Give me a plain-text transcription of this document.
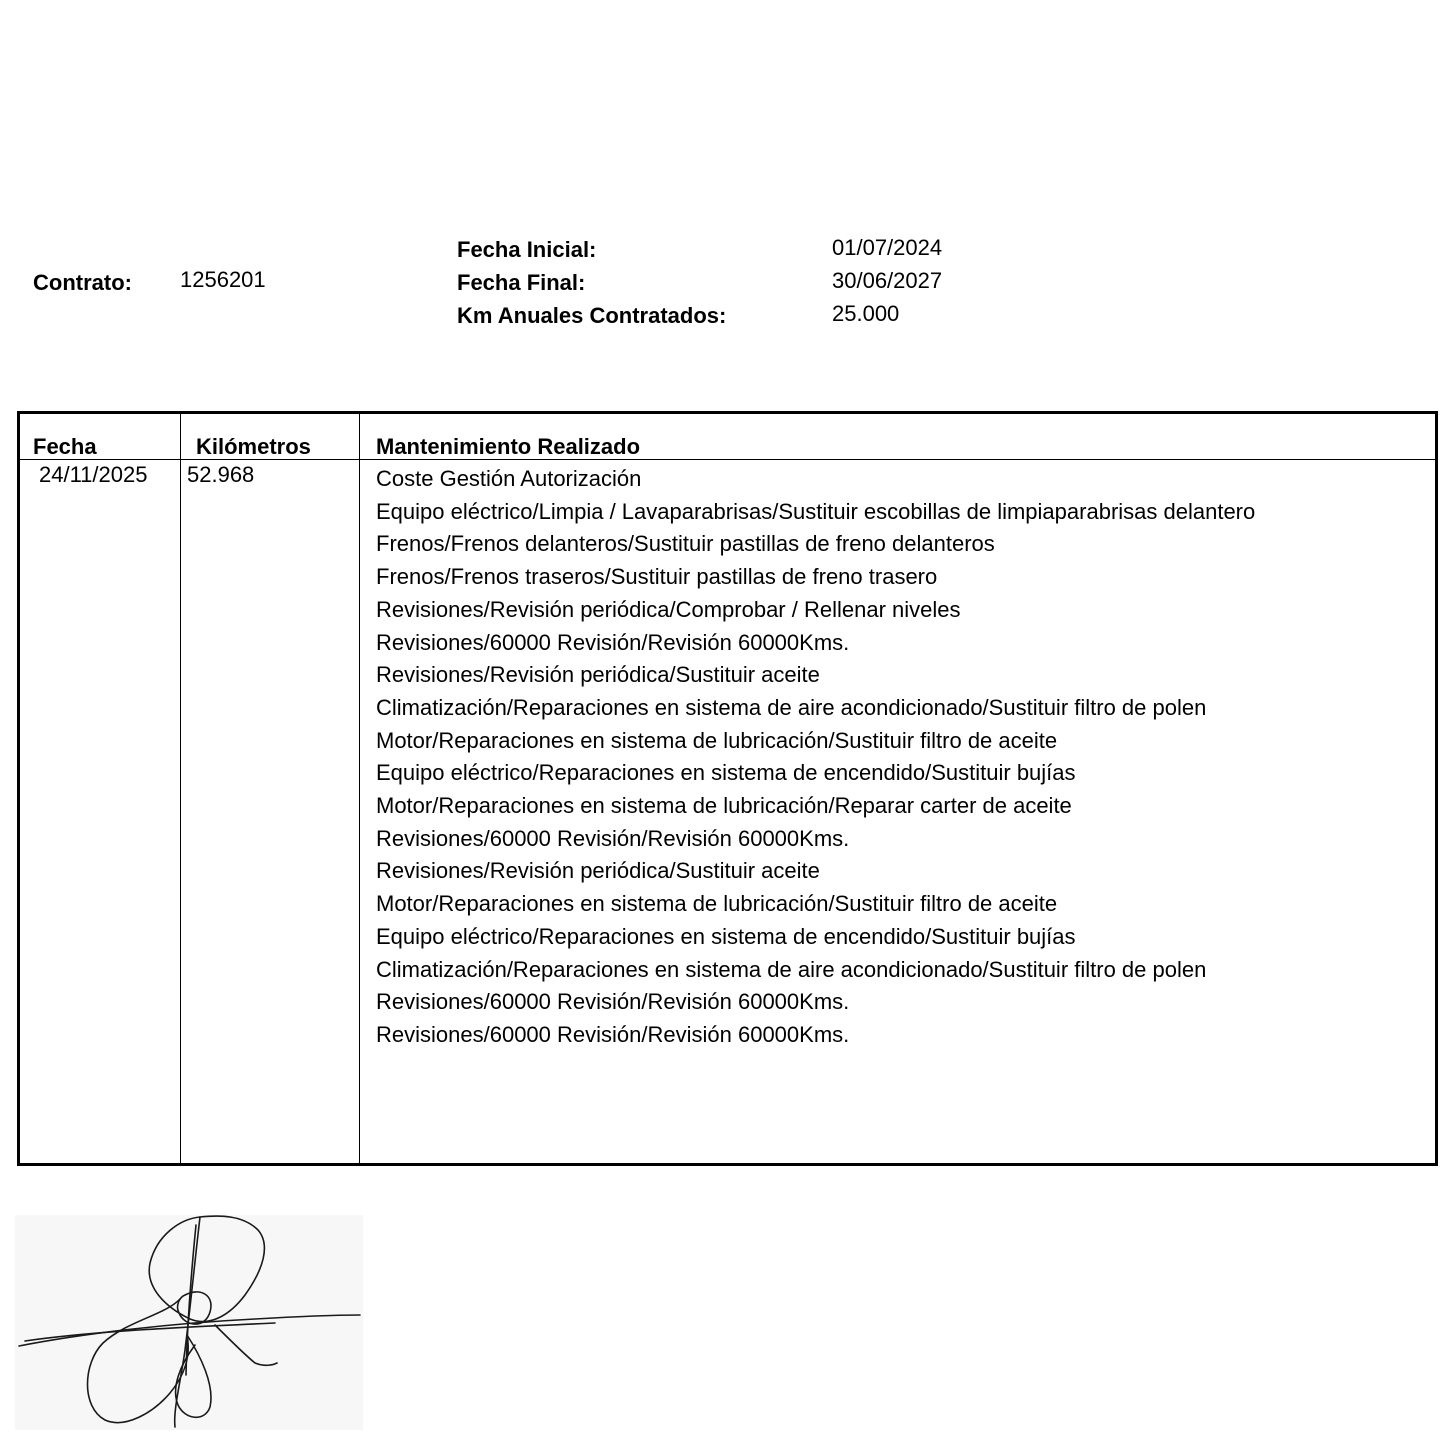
Contrato: 1256201
Fecha Inicial:	01/07/2024
Fecha Final:	30/06/2027
Km Anuales Contratados:	25.000
Fecha	Kilómetros	Mantenimiento Realizado
24/11/2025 52.968	Coste Gestión Autorización
Equipo eléctrico/Limpia / Lavaparabrisas/Sustituir escobillas de limpiaparabrisas delantero
Frenos/Frenos delanteros/Sustituir pastillas de freno delanteros
Frenos/Frenos traseros/Sustituir pastillas de freno trasero
Revisiones/Revisión periódica/Comprobar / Rellenar niveles
Revisiones/60000 Revisión/Revisión 60000Kms.
Revisiones/Revisión periódica/Sustituir aceite
Climatización/Reparaciones en sistema de aire acondicionado/Sustituir filtro de polen
Motor/Reparaciones en sistema de lubricación/Sustituir filtro de aceite
Equipo eléctrico/Reparaciones en sistema de encendido/Sustituir bujías
Motor/Reparaciones en sistema de lubricación/Reparar carter de aceite
Revisiones/60000 Revisión/Revisión 60000Kms.
Revisiones/Revisión periódica/Sustituir aceite
Motor/Reparaciones en sistema de lubricación/Sustituir filtro de aceite
Equipo eléctrico/Reparaciones en sistema de encendido/Sustituir bujías
Climatización/Reparaciones en sistema de aire acondicionado/Sustituir filtro de polen
Revisiones/60000 Revisión/Revisión 60000Kms.
Revisiones/60000 Revisión/Revisión 60000Kms.
